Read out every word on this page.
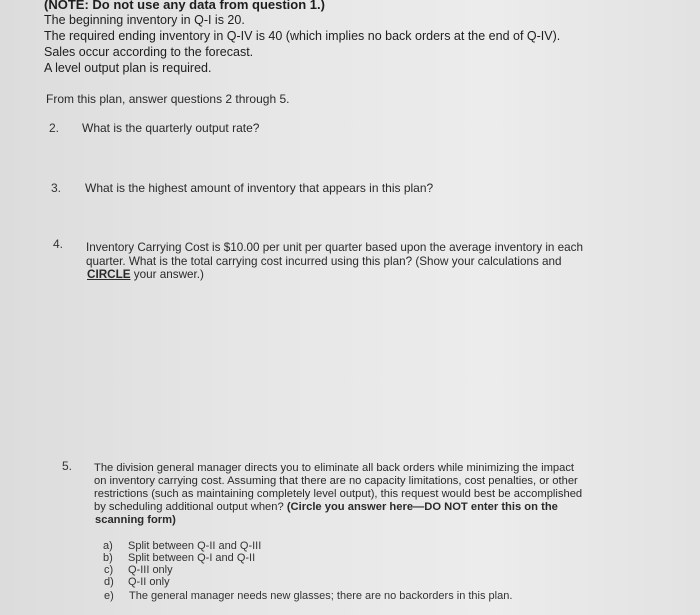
(NOTE: Do not use any data from question 1.)
The beginning inventory in Q-I is 20.
The required ending inventory in Q-IV is 40 (which implies no back orders at the end of Q-IV).
Sales occur according to the forecast.
A level output plan is required.
From this plan, answer questions 2 through 5.
2. What is the quarterly output rate?
3. What is the highest amount of inventory that appears in this plan?
4. Inventory Carrying Cost is $10.00 per unit per quarter based upon the average inventory in each
quarter. What is the total carrying cost incurred using this plan? (Show your calculations and
CIRCLE your answer.)
5. The division general manager directs you to eliminate all back orders while minimizing the impact
on inventory carrying cost. Assuming that there are no capacity limitations, cost penalties, or other
restrictions (such as maintaining completely level output), this request would best be accomplished
by scheduling additional output when? (Circle you answer here—DO NOT enter this on the
scanning form)
a) Split between Q-II and Q-III
b) Split between Q-I and Q-II
c) Q-III only
d) Q-II only
e) The general manager needs new glasses; there are no backorders in this plan.
